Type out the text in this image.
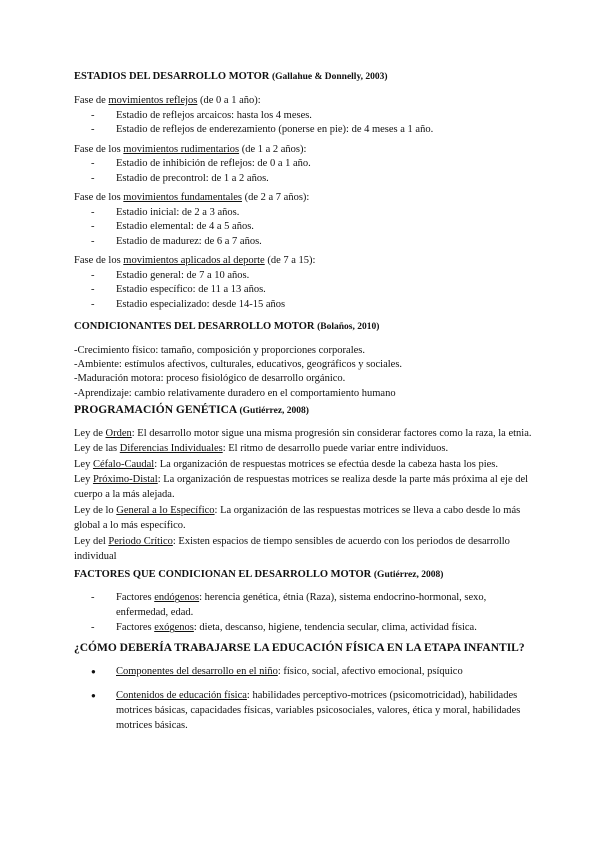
ESTADIOS DEL DESARROLLO MOTOR (Gallahue & Donnelly, 2003)

Fase de movimientos reflejos (de 0 a 1 año):

- Estadio de reflejos arcaicos: hasta los 4 meses.
- Estadio de reflejos de enderezamiento (ponerse en pie): de 4 meses a 1 año.

Fase de los movimientos rudimentarios (de 1 a 2 años):

- Estadio de inhibición de reflejos: de 0 a 1 año.
- Estadio de precontrol: de 1 a 2 años.

Fase de los movimientos fundamentales (de 2 a 7 años):

- Estadio inicial: de 2 a 3 años.
- Estadio elemental: de 4 a 5 años.
- Estadio de madurez: de 6 a 7 años.

Fase de los movimientos aplicados al deporte (de 7 a 15):

- Estadio general: de 7 a 10 años.
- Estadio específico: de 11 a 13 años.
- Estadio especializado: desde 14-15 años
CONDICIONANTES DEL DESARROLLO MOTOR (Bolaños, 2010)

-Crecimiento físico: tamaño, composición y proporciones corporales.

-Ambiente: estímulos afectivos, culturales, educativos, geográficos y sociales.

-Maduración motora: proceso fisiológico de desarrollo orgánico.

-Aprendizaje: cambio relativamente duradero en el comportamiento humano

PROGRAMACIÓN GENÉTICA (Gutiérrez, 2008)

Ley de Orden: El desarrollo motor sigue una misma progresión sin considerar factores como la raza, la etnia.

Ley de las Diferencias Individuales: El ritmo de desarrollo puede variar entre individuos.

Ley Céfalo-Caudal: La organización de respuestas motrices se efectúa desde la cabeza hasta los pies.

Ley Próximo-Distal: La organización de respuestas motrices se realiza desde la parte más próxima al eje del cuerpo a la más alejada.

Ley de lo General a lo Específico: La organización de las respuestas motrices se lleva a cabo desde lo más global a lo más específico.

Ley del Periodo Crítico: Existen espacios de tiempo sensibles de acuerdo con los periodos de desarrollo individual

FACTORES QUE CONDICIONAN EL DESARROLLO MOTOR (Gutiérrez, 2008)
- Factores endógenos: herencia genética, étnia (Raza), sistema endocrino-hormonal, sexo, enfermedad, edad.
- Factores exógenos: dieta, descanso, higiene, tendencia secular, clima, actividad física.
¿CÓMO DEBERÍA TRABAJARSE LA EDUCACIÓN FÍSICA EN LA ETAPA INFANTIL?
● Componentes del desarrollo en el niño: físico, social, afectivo emocional, psíquico
● Contenidos de educación física: habilidades perceptivo-motrices (psicomotricidad), habilidades motrices básicas, capacidades físicas, variables psicosociales, valores, ética y moral, habilidades motrices básicas.
